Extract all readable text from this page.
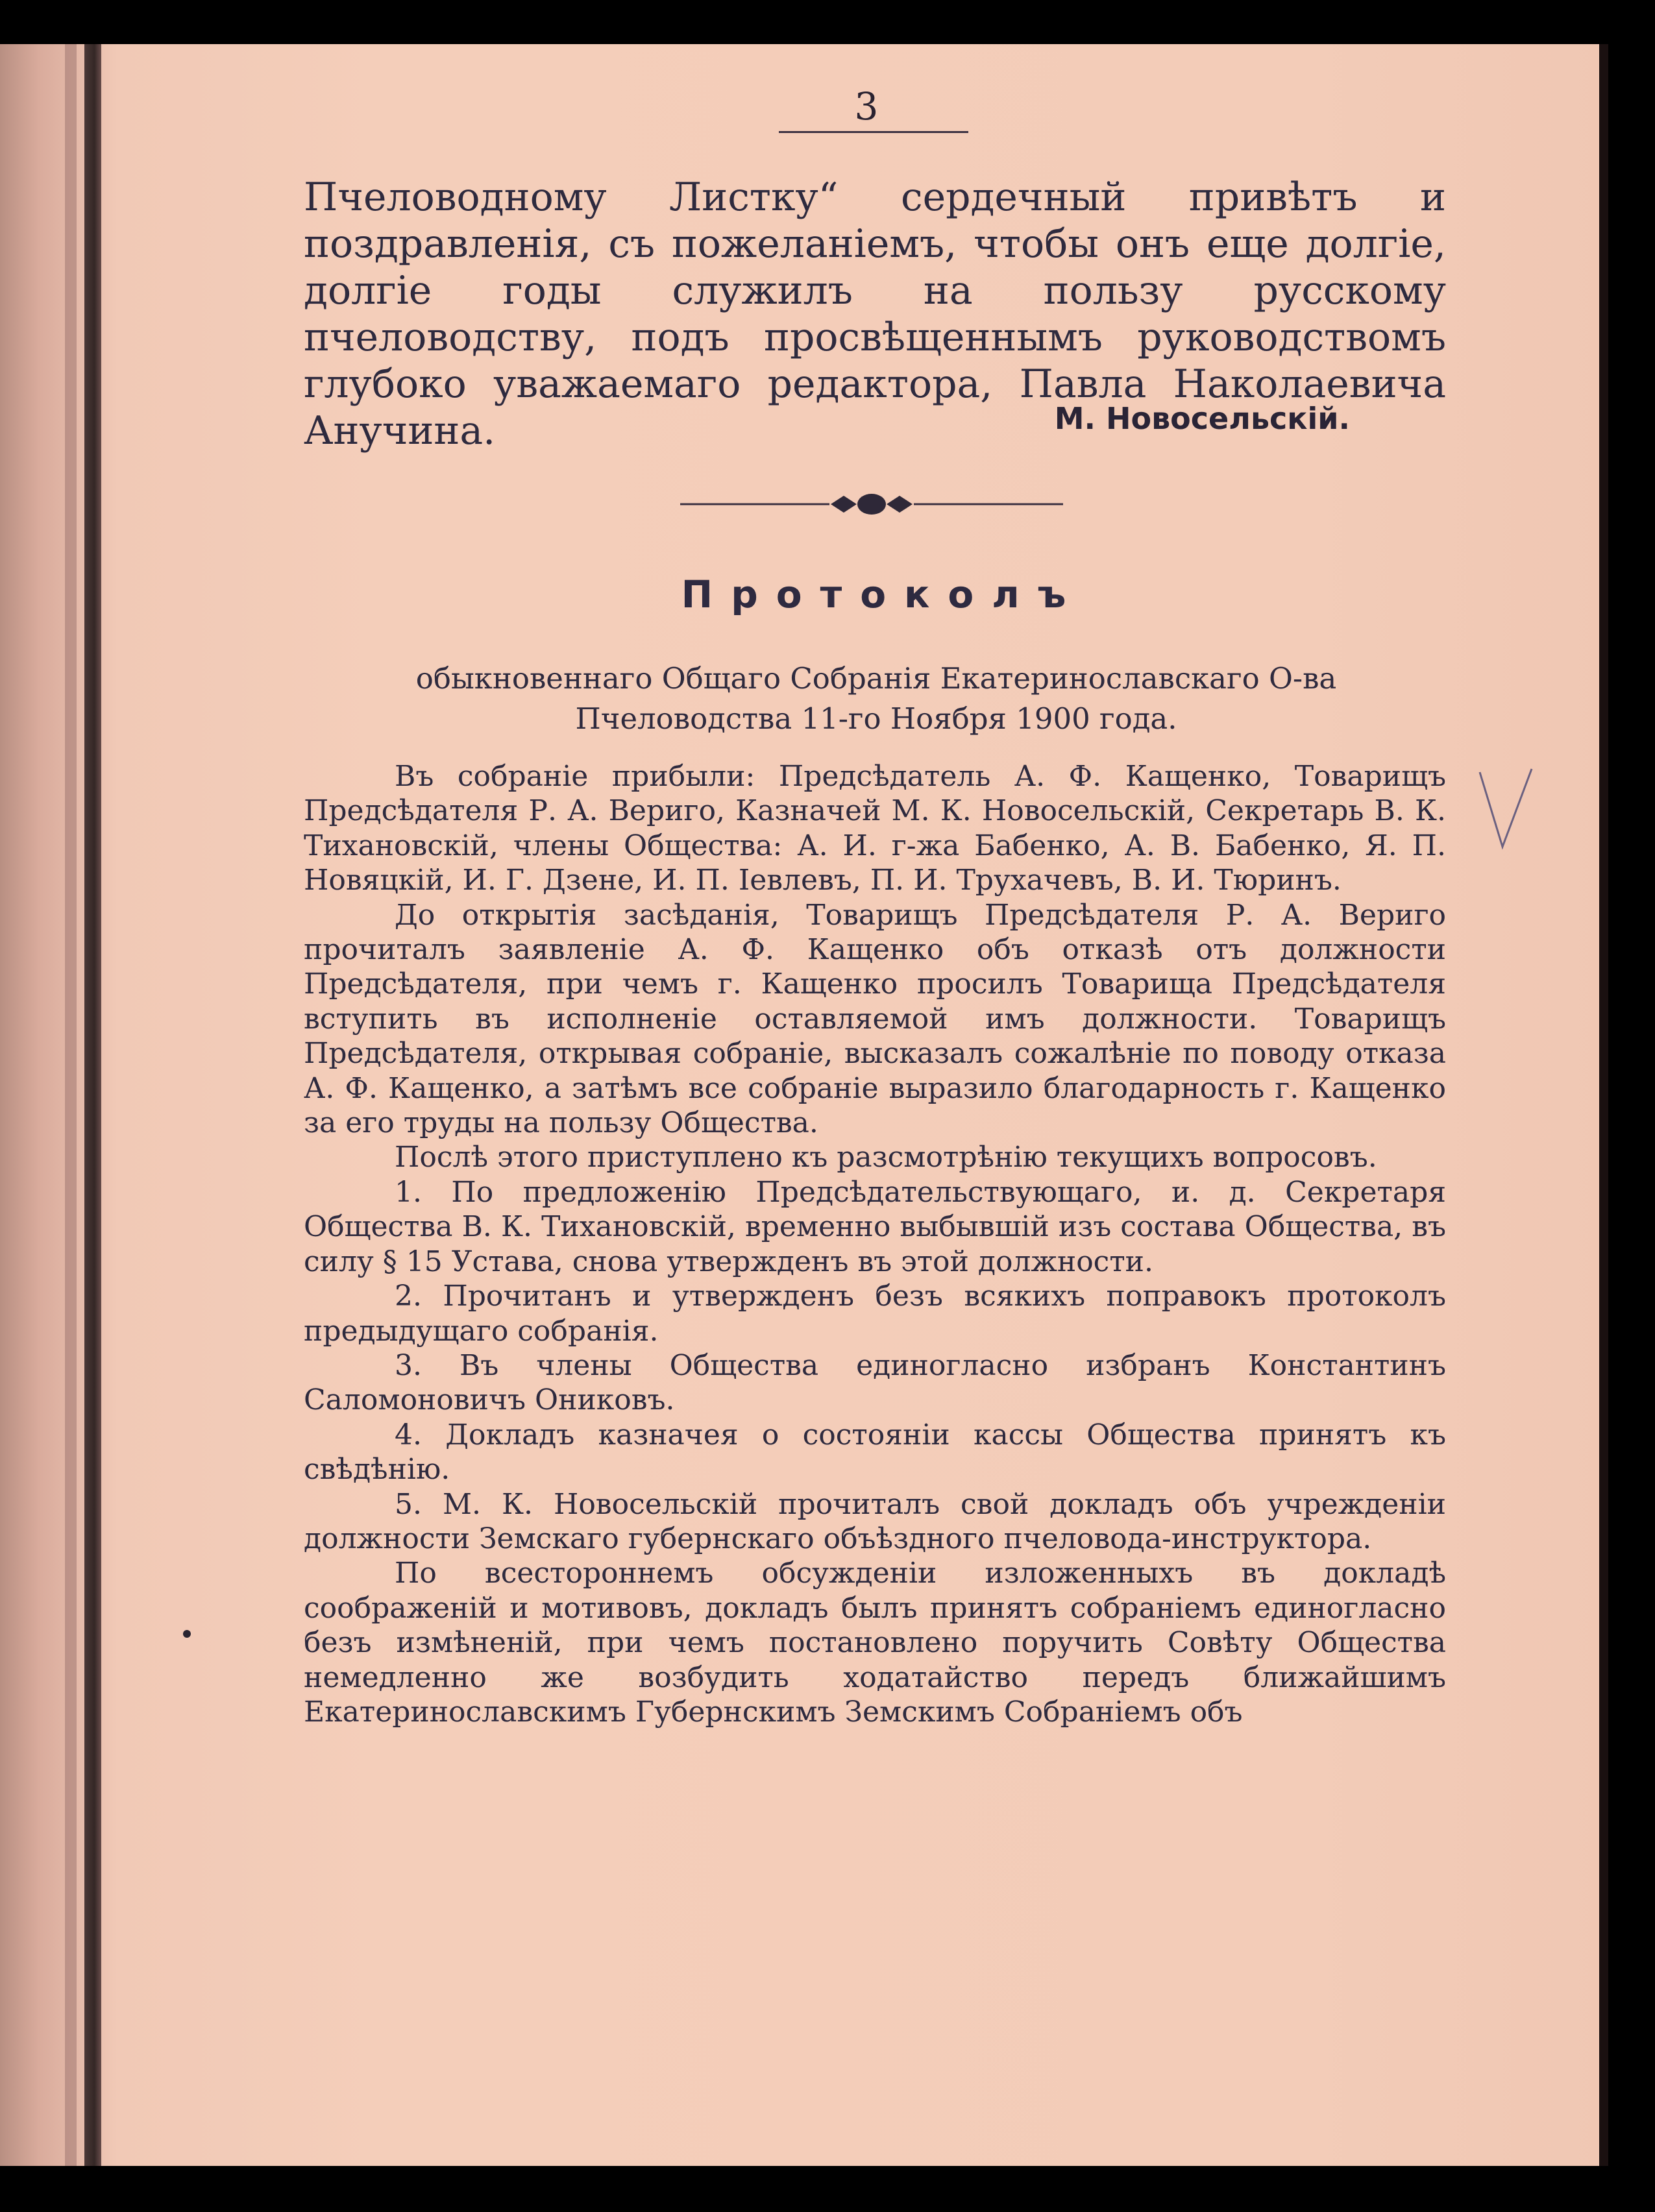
3

Пчеловодному Листку“ сердечный привѣтъ и поздравленія, съ пожеланіемъ, чтобы онъ еще долгіе, долгіе годы служилъ на пользу русскому пчеловодству, подъ просвѣщеннымъ руководствомъ глубоко уважаемаго редактора, Павла Наколаевича Анучина.	М. Новосельскій.
Протоколъ
обыкновеннаго Общаго Собранія Екатеринославскаго О-ва Пчеловодства 11-го Ноября 1900 года.

Въ собраніе прибыли: Предсѣдатель А. Ф. Кащенко, Товарищъ Предсѣдателя Р. А. Веригo, Казначей М. К. Новосельскій, Секретарь В. К. Тихановскій, члены Общества: А. И. г-жа Бабенко, А. В. Бабенко, Я. П. Новяцкій, И. Г. Дзене, И. П. Іевлевъ, П. И. Трухачевъ, В. И. Тюринъ.

До открытія засѣданія, Товарищъ Предсѣдателя Р. А. Веригo прочиталъ заявленіе А. Ф. Кащенко объ отказѣ отъ должности Предсѣдателя, при чемъ г. Кащенко просилъ Товарища Предсѣдателя вступить въ исполненіе оставляемой имъ должности. Товарищъ Предсѣдателя, открывая собраніе, высказалъ сожалѣніе по поводу отказа А. Ф. Кащенко, а затѣмъ все собраніе выразило благодарность г. Кащенко за его труды на пользу Общества.

Послѣ этого приступлено къ разсмотрѣнію текущихъ вопросовъ.

1. По предложенію Предсѣдательствующаго, и. д. Секретаря Общества В. К. Тихановскій, временно выбывшій изъ состава Общества, въ силу § 15 Устава, снова утвержденъ въ этой должности.

2. Прочитанъ и утвержденъ безъ всякихъ поправокъ протоколъ предыдущаго собранія.

3. Въ члены Общества единогласно избранъ Константинъ Саломоновичъ Ониковъ.

4. Докладъ казначея о состояніи кассы Общества принятъ къ свѣдѣнію.

5. М. К. Новосельскій прочиталъ свой докладъ объ учрежденіи должности Земскаго губернскаго объѣздного пчеловода-инструктора.

По всестороннемъ обсужденіи изложенныхъ въ докладѣ соображеній и мотивовъ, докладъ былъ принятъ собраніемъ единогласно безъ измѣненій, при чемъ постановлено поручить Совѣту Общества немедленно же возбудить ходатайство передъ ближайшимъ Екатеринославскимъ Губернскимъ Земскимъ Собраніемъ объ
